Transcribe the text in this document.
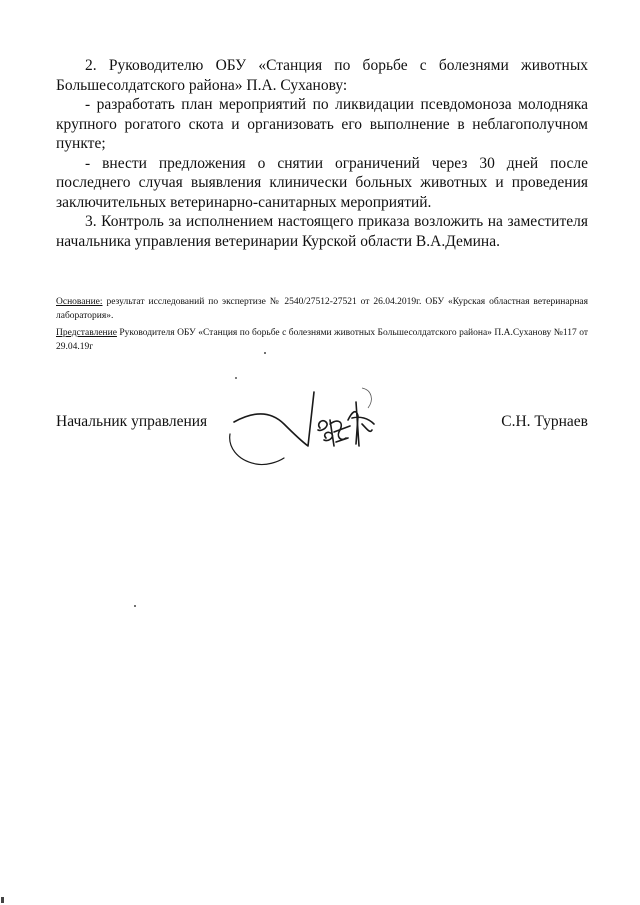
2. Руководителю ОБУ «Станция по борьбе с болезнями животных Большесолдатского района» П.А. Суханову:

- разработать план мероприятий по ликвидации псевдомоноза молодняка крупного рогатого скота и организовать его выполнение в неблагополучном пункте;

- внести предложения о снятии ограничений через 30 дней после последнего случая выявления клинически больных животных и проведения заключительных ветеринарно-санитарных мероприятий.

3. Контроль за исполнением настоящего приказа возложить на заместителя начальника управления ветеринарии Курской области В.А.Демина.

Основание: результат исследований по экспертизе № 2540/27512-27521 от 26.04.2019г. ОБУ «Курская областная ветеринарная лаборатория».

Представление Руководителя ОБУ «Станция по борьбе с болезнями животных Большесолдатского района» П.А.Суханову №117 от 29.04.19г

Начальник управления	С.Н. Турнаев
